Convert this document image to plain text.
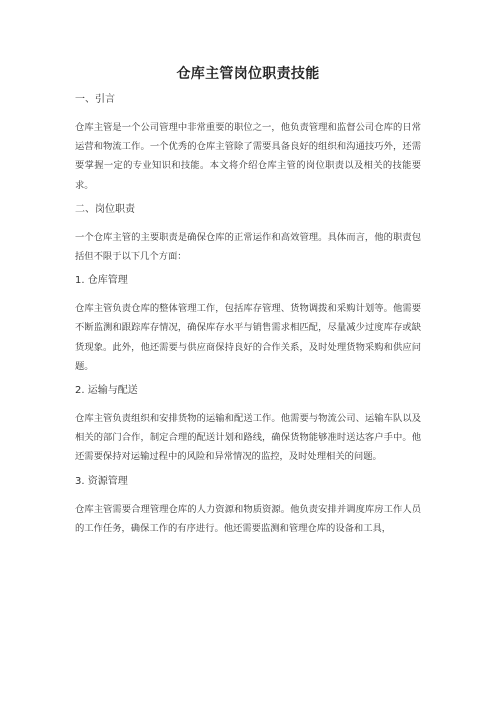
仓库主管岗位职责技能
一、引言
仓库主管是一个公司管理中非常重要的职位之一，他负责管理和监督公司仓库的日常运营和物流工作。一个优秀的仓库主管除了需要具备良好的组织和沟通技巧外，还需要掌握一定的专业知识和技能。本文将介绍仓库主管的岗位职责以及相关的技能要求。
二、岗位职责
一个仓库主管的主要职责是确保仓库的正常运作和高效管理。具体而言，他的职责包括但不限于以下几个方面：
1. 仓库管理
仓库主管负责仓库的整体管理工作，包括库存管理、货物调拨和采购计划等。他需要不断监测和跟踪库存情况，确保库存水平与销售需求相匹配，尽量减少过度库存或缺货现象。此外，他还需要与供应商保持良好的合作关系，及时处理货物采购和供应问题。
2. 运输与配送
仓库主管负责组织和安排货物的运输和配送工作。他需要与物流公司、运输车队以及相关的部门合作，制定合理的配送计划和路线，确保货物能够准时送达客户手中。他还需要保持对运输过程中的风险和异常情况的监控，及时处理相关的问题。
3. 资源管理
仓库主管需要合理管理仓库的人力资源和物质资源。他负责安排并调度库房工作人员的工作任务，确保工作的有序进行。他还需要监测和管理仓库的设备和工具，
